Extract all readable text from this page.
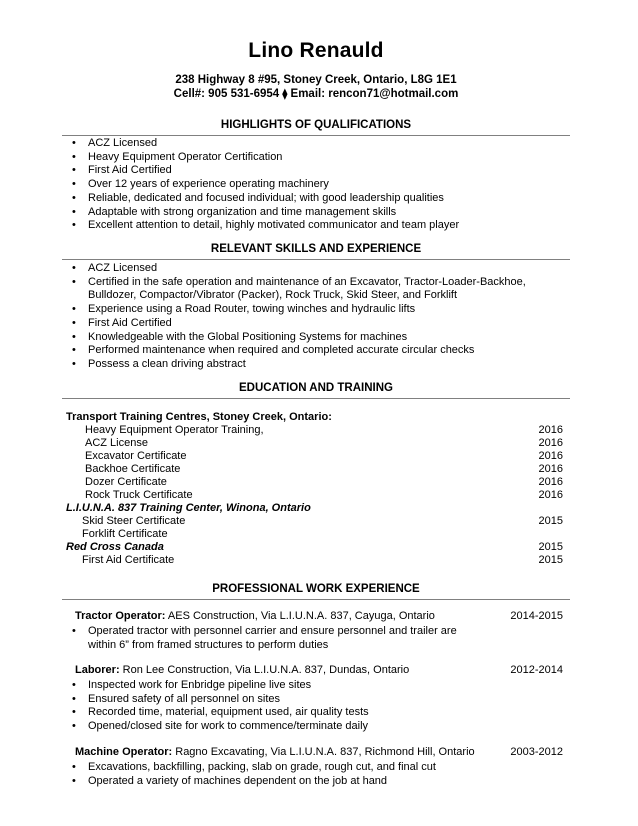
Lino Renauld
238 Highway 8 #95, Stoney Creek, Ontario, L8G 1E1
Cell#: 905 531-6954 ⧫ Email: rencon71@hotmail.com
HIGHLIGHTS OF QUALIFICATIONS
• ACZ Licensed
• Heavy Equipment Operator Certification
• First Aid Certified
• Over 12 years of experience operating machinery
• Reliable, dedicated and focused individual; with good leadership qualities
• Adaptable with strong organization and time management skills
• Excellent attention to detail, highly motivated communicator and team player
RELEVANT SKILLS AND EXPERIENCE
• ACZ Licensed
• Certified in the safe operation and maintenance of an Excavator, Tractor-Loader-Backhoe, Bulldozer, Compactor/Vibrator (Packer), Rock Truck, Skid Steer, and Forklift
• Experience using a Road Router, towing winches and hydraulic lifts
• First Aid Certified
• Knowledgeable with the Global Positioning Systems for machines
• Performed maintenance when required and completed accurate circular checks
• Possess a clean driving abstract
EDUCATION AND TRAINING
Transport Training Centres, Stoney Creek, Ontario:
Heavy Equipment Operator Training,	2016
ACZ License	2016
Excavator Certificate	2016
Backhoe Certificate	2016
Dozer Certificate	2016
Rock Truck Certificate	2016
L.I.U.N.A. 837 Training Center, Winona, Ontario
Skid Steer Certificate	2015
Forklift Certificate
Red Cross Canada	2015
First Aid Certificate	2015
PROFESSIONAL WORK EXPERIENCE
Tractor Operator: AES Construction, Via L.I.U.N.A. 837, Cayuga, Ontario	2014-2015
• Operated tractor with personnel carrier and ensure personnel and trailer are within 6” from framed structures to perform duties
Laborer: Ron Lee Construction, Via L.I.U.N.A. 837, Dundas, Ontario	2012-2014
• Inspected work for Enbridge pipeline live sites
• Ensured safety of all personnel on sites
• Recorded time, material, equipment used, air quality tests
• Opened/closed site for work to commence/terminate daily
Machine Operator: Ragno Excavating, Via L.I.U.N.A. 837, Richmond Hill, Ontario	2003-2012
• Excavations, backfilling, packing, slab on grade, rough cut, and final cut
• Operated a variety of machines dependent on the job at hand
